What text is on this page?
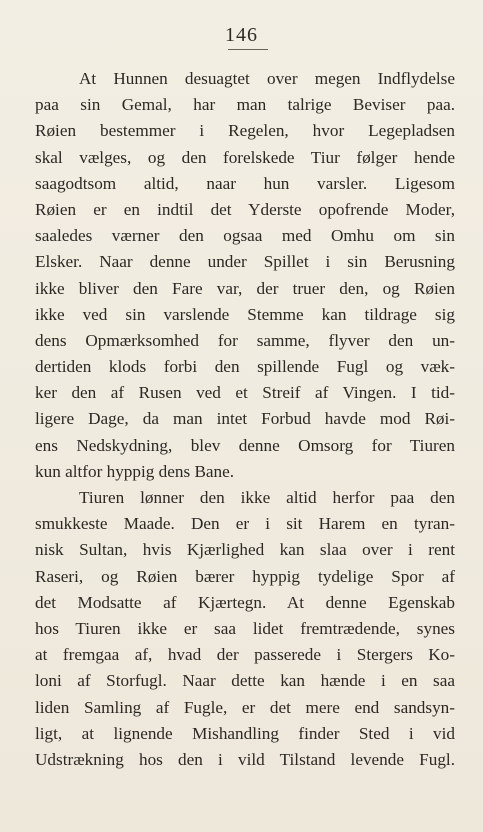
146
At Hunnen desuagtet over megen Indflydelse
paa sin Gemal, har man talrige Beviser paa.
Røien bestemmer i Regelen, hvor Legepladsen
skal vælges, og den forelskede Tiur følger hende
saagodtsom altid, naar hun varsler. Ligesom
Røien er en indtil det Yderste opofrende Moder,
saaledes værner den ogsaa med Omhu om sin
Elsker. Naar denne under Spillet i sin Berusning
ikke bliver den Fare var, der truer den, og Røien
ikke ved sin varslende Stemme kan tildrage sig
dens Opmærksomhed for samme, flyver den un-
dertiden klods forbi den spillende Fugl og væk-
ker den af Rusen ved et Streif af Vingen. I tid-
ligere Dage, da man intet Forbud havde mod Røi-
ens Nedskydning, blev denne Omsorg for Tiuren
kun altfor hyppig dens Bane.
Tiuren lønner den ikke altid herfor paa den
smukkeste Maade. Den er i sit Harem en tyran-
nisk Sultan, hvis Kjærlighed kan slaa over i rent
Raseri, og Røien bærer hyppig tydelige Spor af
det Modsatte af Kjærtegn. At denne Egenskab
hos Tiuren ikke er saa lidet fremtrædende, synes
at fremgaa af, hvad der passerede i Stergers Ko-
loni af Storfugl. Naar dette kan hænde i en saa
liden Samling af Fugle, er det mere end sandsyn-
ligt, at lignende Mishandling finder Sted i vid
Udstrækning hos den i vild Tilstand levende Fugl.
